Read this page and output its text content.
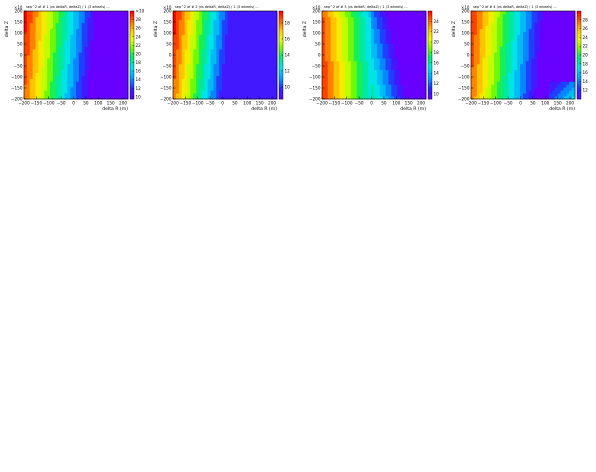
−200 −150 −100 −50 0 50 100 150 200
−200
−150
−100
−50
0
50
100
150
200
delta R (m)
delta Z
sep^2 of # 1 (vs deltaR, deltaZ) / 1 (3 wheels) ...
×10
10
12
14
16
18
20
22
24
26
28
×10
−200 −150 −100 −50 0 50 100 150 200
−200
−150
−100
−50
0
50
100
150
200
delta R (m)
delta Z
sep^2 of # 2 (vs deltaR, deltaZ) / 1 (3 wheels) ...
×10
10
12
14
16
18
−200 −150 −100 −50 0 50 100 150 200
−200
−150
−100
−50
0
50
100
150
200
delta R (m)
delta Z
sep^2 of # 3 (vs deltaR, deltaZ) / 1 (3 wheels) ...
×10
10
12
14
16
18
20
22
24
−200 −150 −100 −50 0 50 100 150 200
−200
−150
−100
−50
0
50
100
150
200
delta R (m)
delta Z
sep^2 of # 4 (vs deltaR, deltaZ) / 1 (3 wheels) ...
×10
12
14
16
18
20
22
24
26
28
